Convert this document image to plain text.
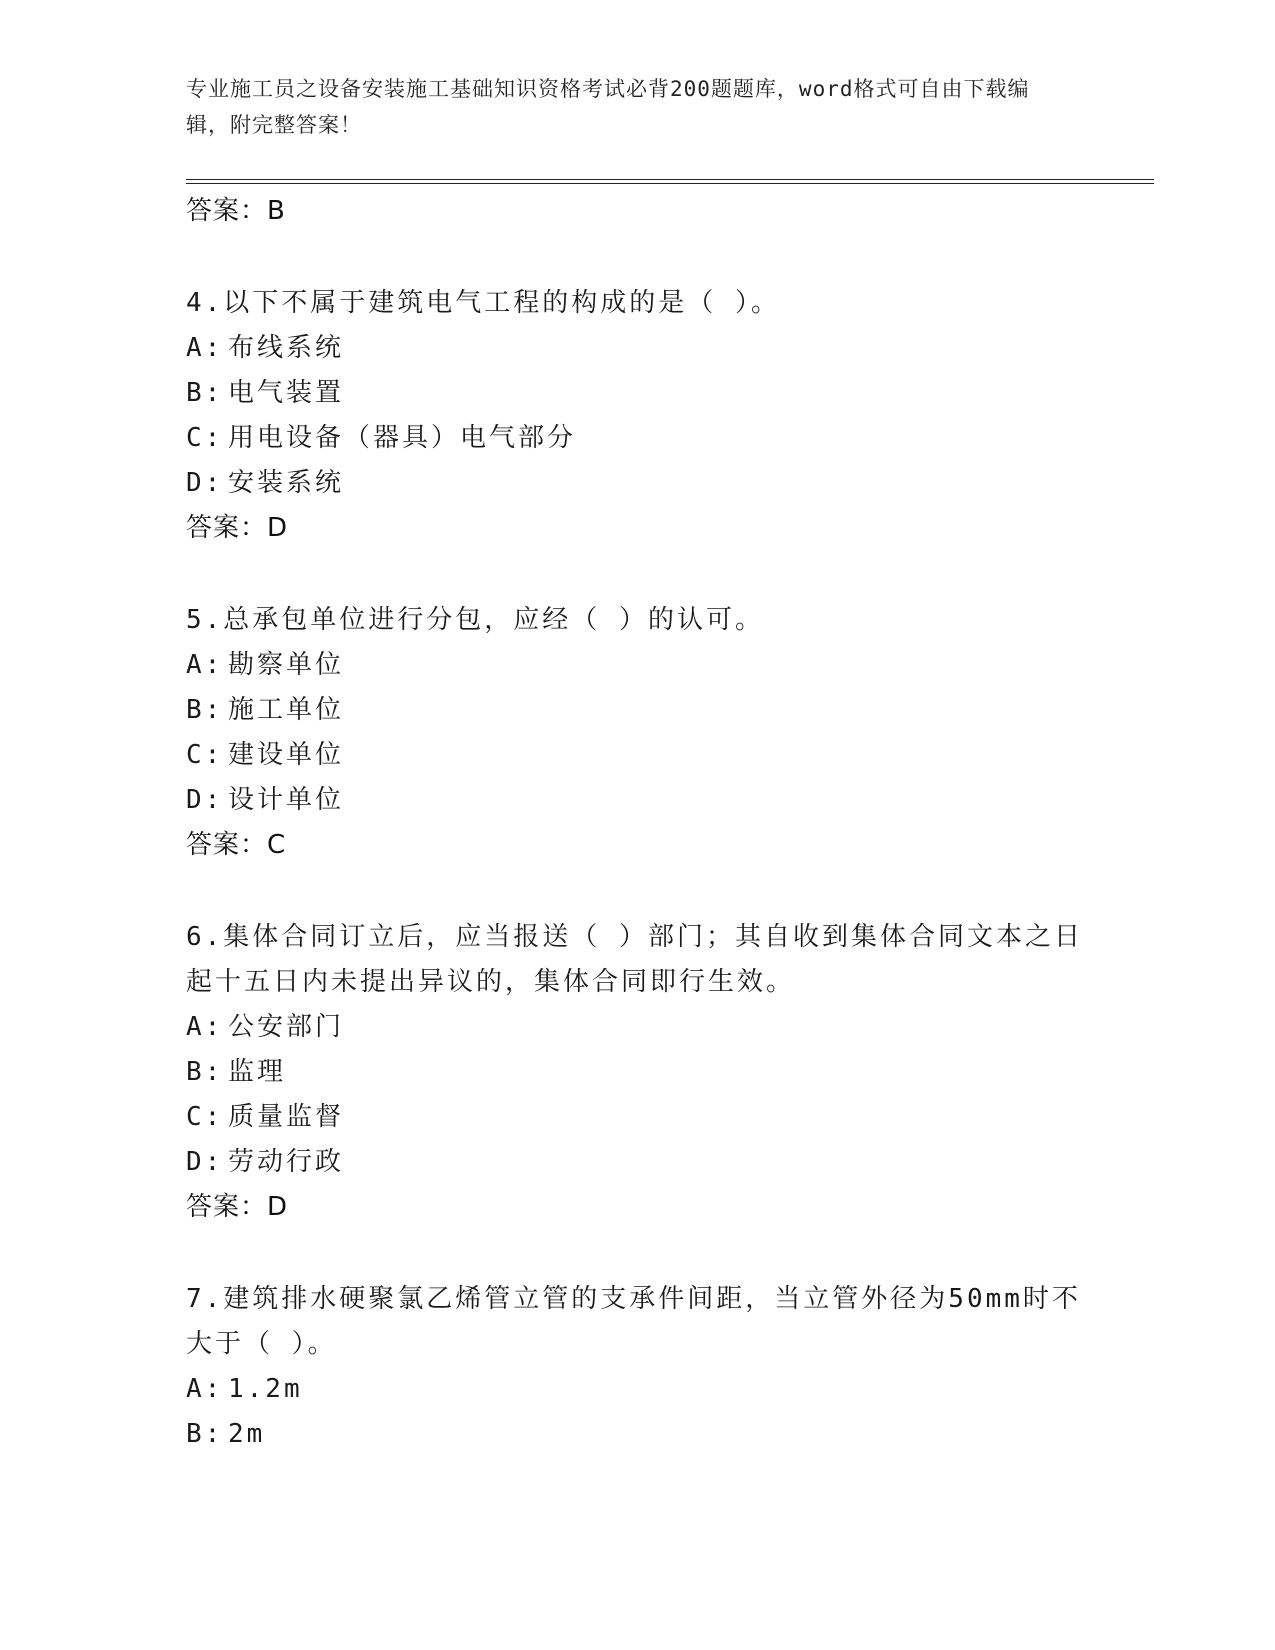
专业施工员之设备安装施工基础知识资格考试必背200题题库，word格式可自由下载编辑，附完整答案！
答案：B
4.以下不属于建筑电气工程的构成的是（ ）。
A: 布线系统
B: 电气装置
C: 用电设备（器具）电气部分
D: 安装系统
答案：D
5.总承包单位进行分包，应经（ ）的认可。
A: 勘察单位
B: 施工单位
C: 建设单位
D: 设计单位
答案：C
6.集体合同订立后，应当报送（ ）部门；其自收到集体合同文本之日起十五日内未提出异议的，集体合同即行生效。
A: 公安部门
B: 监理
C: 质量监督
D: 劳动行政
答案：D
7.建筑排水硬聚氯乙烯管立管的支承件间距，当立管外径为50mm时不大于（ ）。
A: 1.2m
B: 2m
